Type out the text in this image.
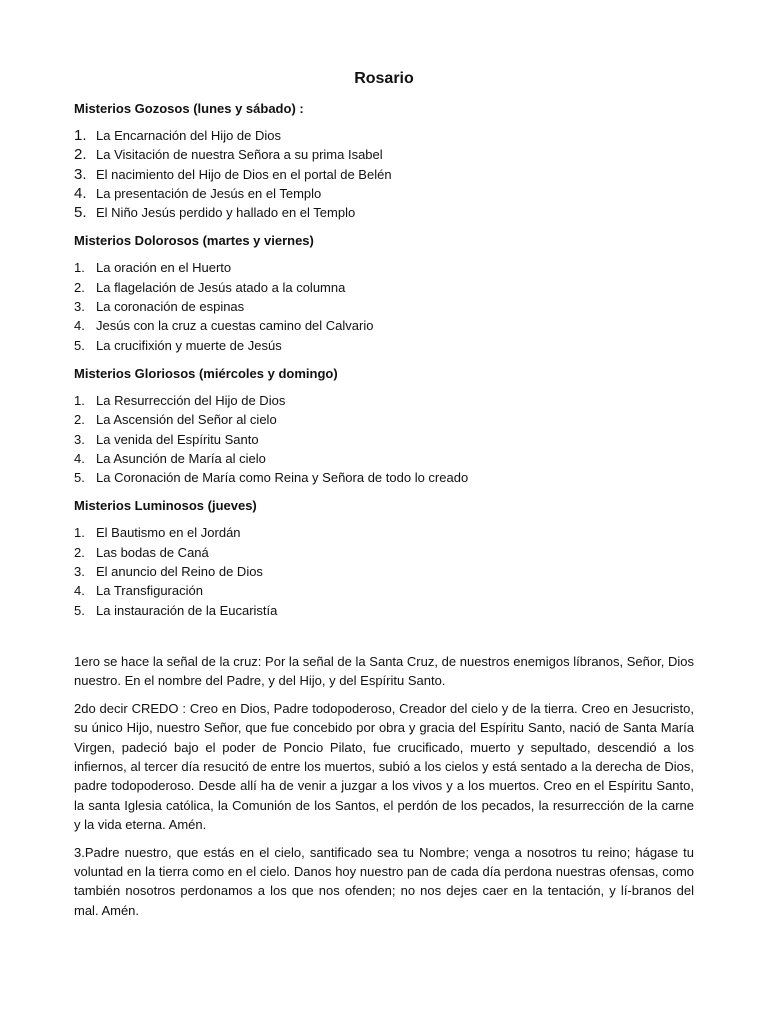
Rosario
Misterios Gozosos (lunes y sábado) :
1. La Encarnación del Hijo de Dios
2. La Visitación de nuestra Señora a su prima Isabel
3. El nacimiento del Hijo de Dios en el portal de Belén
4. La presentación de Jesús en el Templo
5. El Niño Jesús perdido y hallado en el Templo
Misterios Dolorosos (martes y viernes)
1. La oración en el Huerto
2. La flagelación de Jesús atado a la columna
3. La coronación de espinas
4. Jesús con la cruz a cuestas camino del Calvario
5. La crucifixión y muerte de Jesús
Misterios Gloriosos (miércoles y domingo)
1. La Resurrección del Hijo de Dios
2. La Ascensión del Señor al cielo
3. La venida del Espíritu Santo
4. La Asunción de María al cielo
5. La Coronación de María como Reina y Señora de todo lo creado
Misterios Luminosos (jueves)
1. El Bautismo en el Jordán
2. Las bodas de Caná
3. El anuncio del Reino de Dios
4. La Transfiguración
5. La instauración de la Eucaristía

1ero se hace la señal de la cruz: Por la señal de la Santa Cruz, de nuestros enemigos líbranos, Señor, Dios nuestro. En el nombre del Padre, y del Hijo, y del Espíritu Santo.

2do decir CREDO : Creo en Dios, Padre todopoderoso, Creador del cielo y de la tierra. Creo en Jesucristo, su único Hijo, nuestro Señor, que fue concebido por obra y gracia del Espíritu Santo, nació de Santa María Virgen, padeció bajo el poder de Poncio Pilato, fue crucificado, muerto y sepultado, descendió a los infiernos, al tercer día resucitó de entre los muertos, subió a los cielos y está sentado a la derecha de Dios, padre todopoderoso. Desde allí ha de venir a juzgar a los vivos y a los muertos. Creo en el Espíritu Santo, la santa Iglesia católica, la Comunión de los Santos, el perdón de los pecados, la resurrección de la carne y la vida eterna. Amén.

3.Padre nuestro, que estás en el cielo, santificado sea tu Nombre; venga a nosotros tu reino; hágase tu voluntad en la tierra como en el cielo. Danos hoy nuestro pan de cada día perdona nuestras ofensas, como también nosotros perdonamos a los que nos ofenden; no nos dejes caer en la tentación, y lí-branos del mal. Amén.
